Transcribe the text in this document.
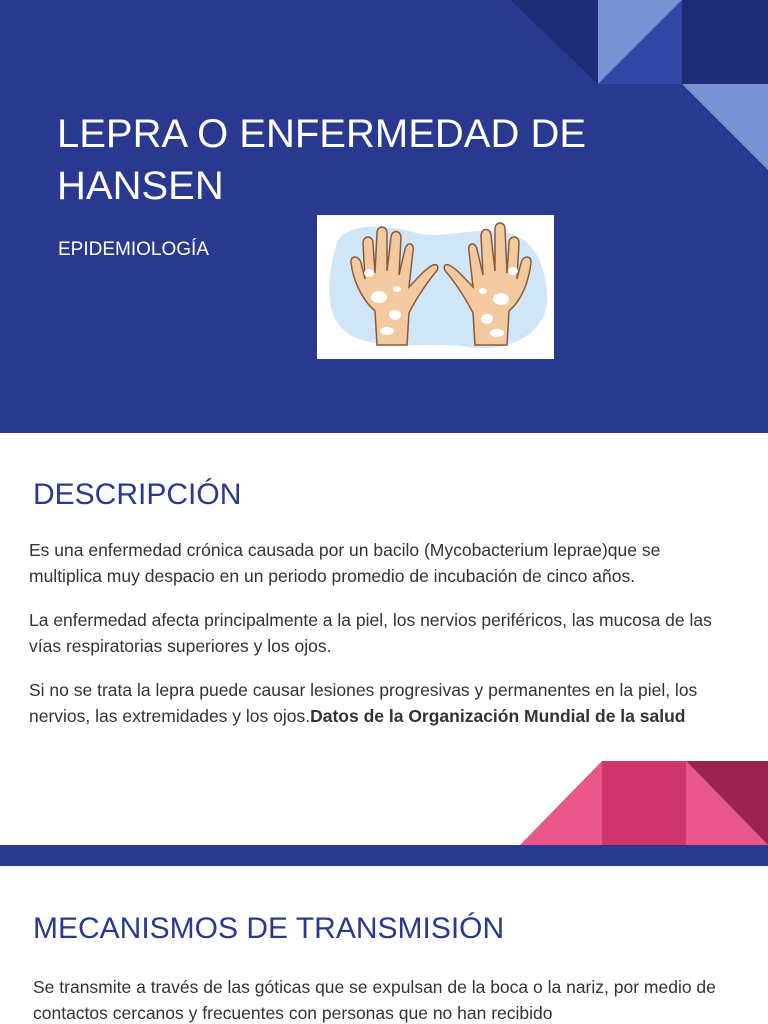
LEPRA O ENFERMEDAD DE HANSEN
EPIDEMIOLOGÍA
DESCRIPCIÓN

Es una enfermedad crónica causada por un bacilo (Mycobacterium leprae)que se multiplica muy despacio en un periodo promedio de incubación de cinco años.

La enfermedad afecta principalmente a la piel, los nervios periféricos, las mucosa de las vías respiratorias superiores y los ojos.

Si no se trata la lepra puede causar lesiones progresivas y permanentes en la piel, los nervios, las extremidades y los ojos.Datos de la Organización Mundial de la salud

MECANISMOS DE TRANSMISIÓN

Se transmite a través de las góticas que se expulsan de la boca o la nariz, por medio de contactos cercanos y frecuentes con personas que no han recibido
